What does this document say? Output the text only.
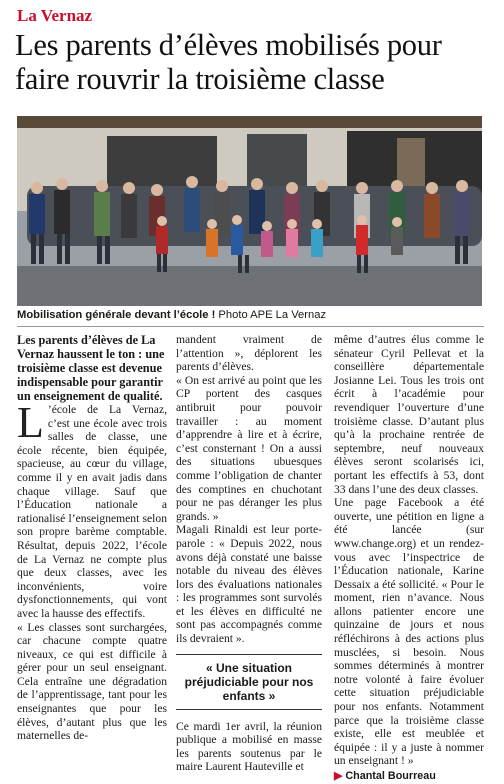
La Vernaz
Les parents d’élèves mobilisés pour faire rouvrir la troisième classe
Mobilisation générale devant l’école ! Photo APE La Vernaz

Les parents d’élèves de La Vernaz haussent le ton : une troisième classe est devenue indispensable pour garantir un enseignement de qualité.

L ’école de La Vernaz, c’est une école avec trois salles de classe, une école récente, bien équipée, spacieuse, au cœur du village, comme il y en avait jadis dans chaque village. Sauf que l’Éducation nationale a rationalisé l’enseignement selon son propre barème comptable. Résultat, depuis 2022, l’école de La Vernaz ne compte plus que deux classes, avec les inconvénients, voire dysfonctionnements, qui vont avec la hausse des effectifs.

« Les classes sont surchargées, car chacune compte quatre niveaux, ce qui est difficile à gérer pour un seul enseignant. Cela entraîne une dégradation de l’apprentissage, tant pour les enseignantes que pour les élèves, d’autant plus que les maternelles de-

mandent vraiment de l’attention », déplorent les parents d’élèves.

« On est arrivé au point que les CP portent des casques antibruit pour pouvoir travailler : au moment d’apprendre à lire et à écrire, c’est consternant ! On a aussi des situations ubuesques comme l’obligation de chanter des comptines en chuchotant pour ne pas déranger les plus grands. »

Magali Rinaldi est leur porte-parole : « Depuis 2022, nous avons déjà constaté une baisse notable du niveau des élèves lors des évaluations nationales : les programmes sont survolés et les élèves en difficulté ne sont pas accompagnés comme ils devraient ».

« Une situation préjudiciable pour nos enfants »

Ce mardi 1er avril, la réunion publique a mobilisé en masse les parents soutenus par le maire Laurent Hauteville et

même d’autres élus comme le sénateur Cyril Pellevat et la conseillère départementale Josianne Lei. Tous les trois ont écrit à l’académie pour revendiquer l’ouverture d’une troisième classe. D’autant plus qu’à la prochaine rentrée de septembre, neuf nouveaux élèves seront scolarisés ici, portant les effectifs à 53, dont 33 dans l’une des deux classes.

Une page Facebook a été ouverte, une pétition en ligne a été lancée (sur www.change.org) et un rendez-vous avec l’inspectrice de l’Éducation nationale, Karine Dessaix a été sollicité. « Pour le moment, rien n’avance. Nous allons patienter encore une quinzaine de jours et nous réfléchirons à des actions plus musclées, si besoin. Nous sommes déterminés à montrer notre volonté à faire évoluer cette situation préjudiciable pour nos enfants. Notamment parce que la troisième classe existe, elle est meublée et équipée : il y a juste à nommer un enseignant ! »

▶ Chantal Bourreau
